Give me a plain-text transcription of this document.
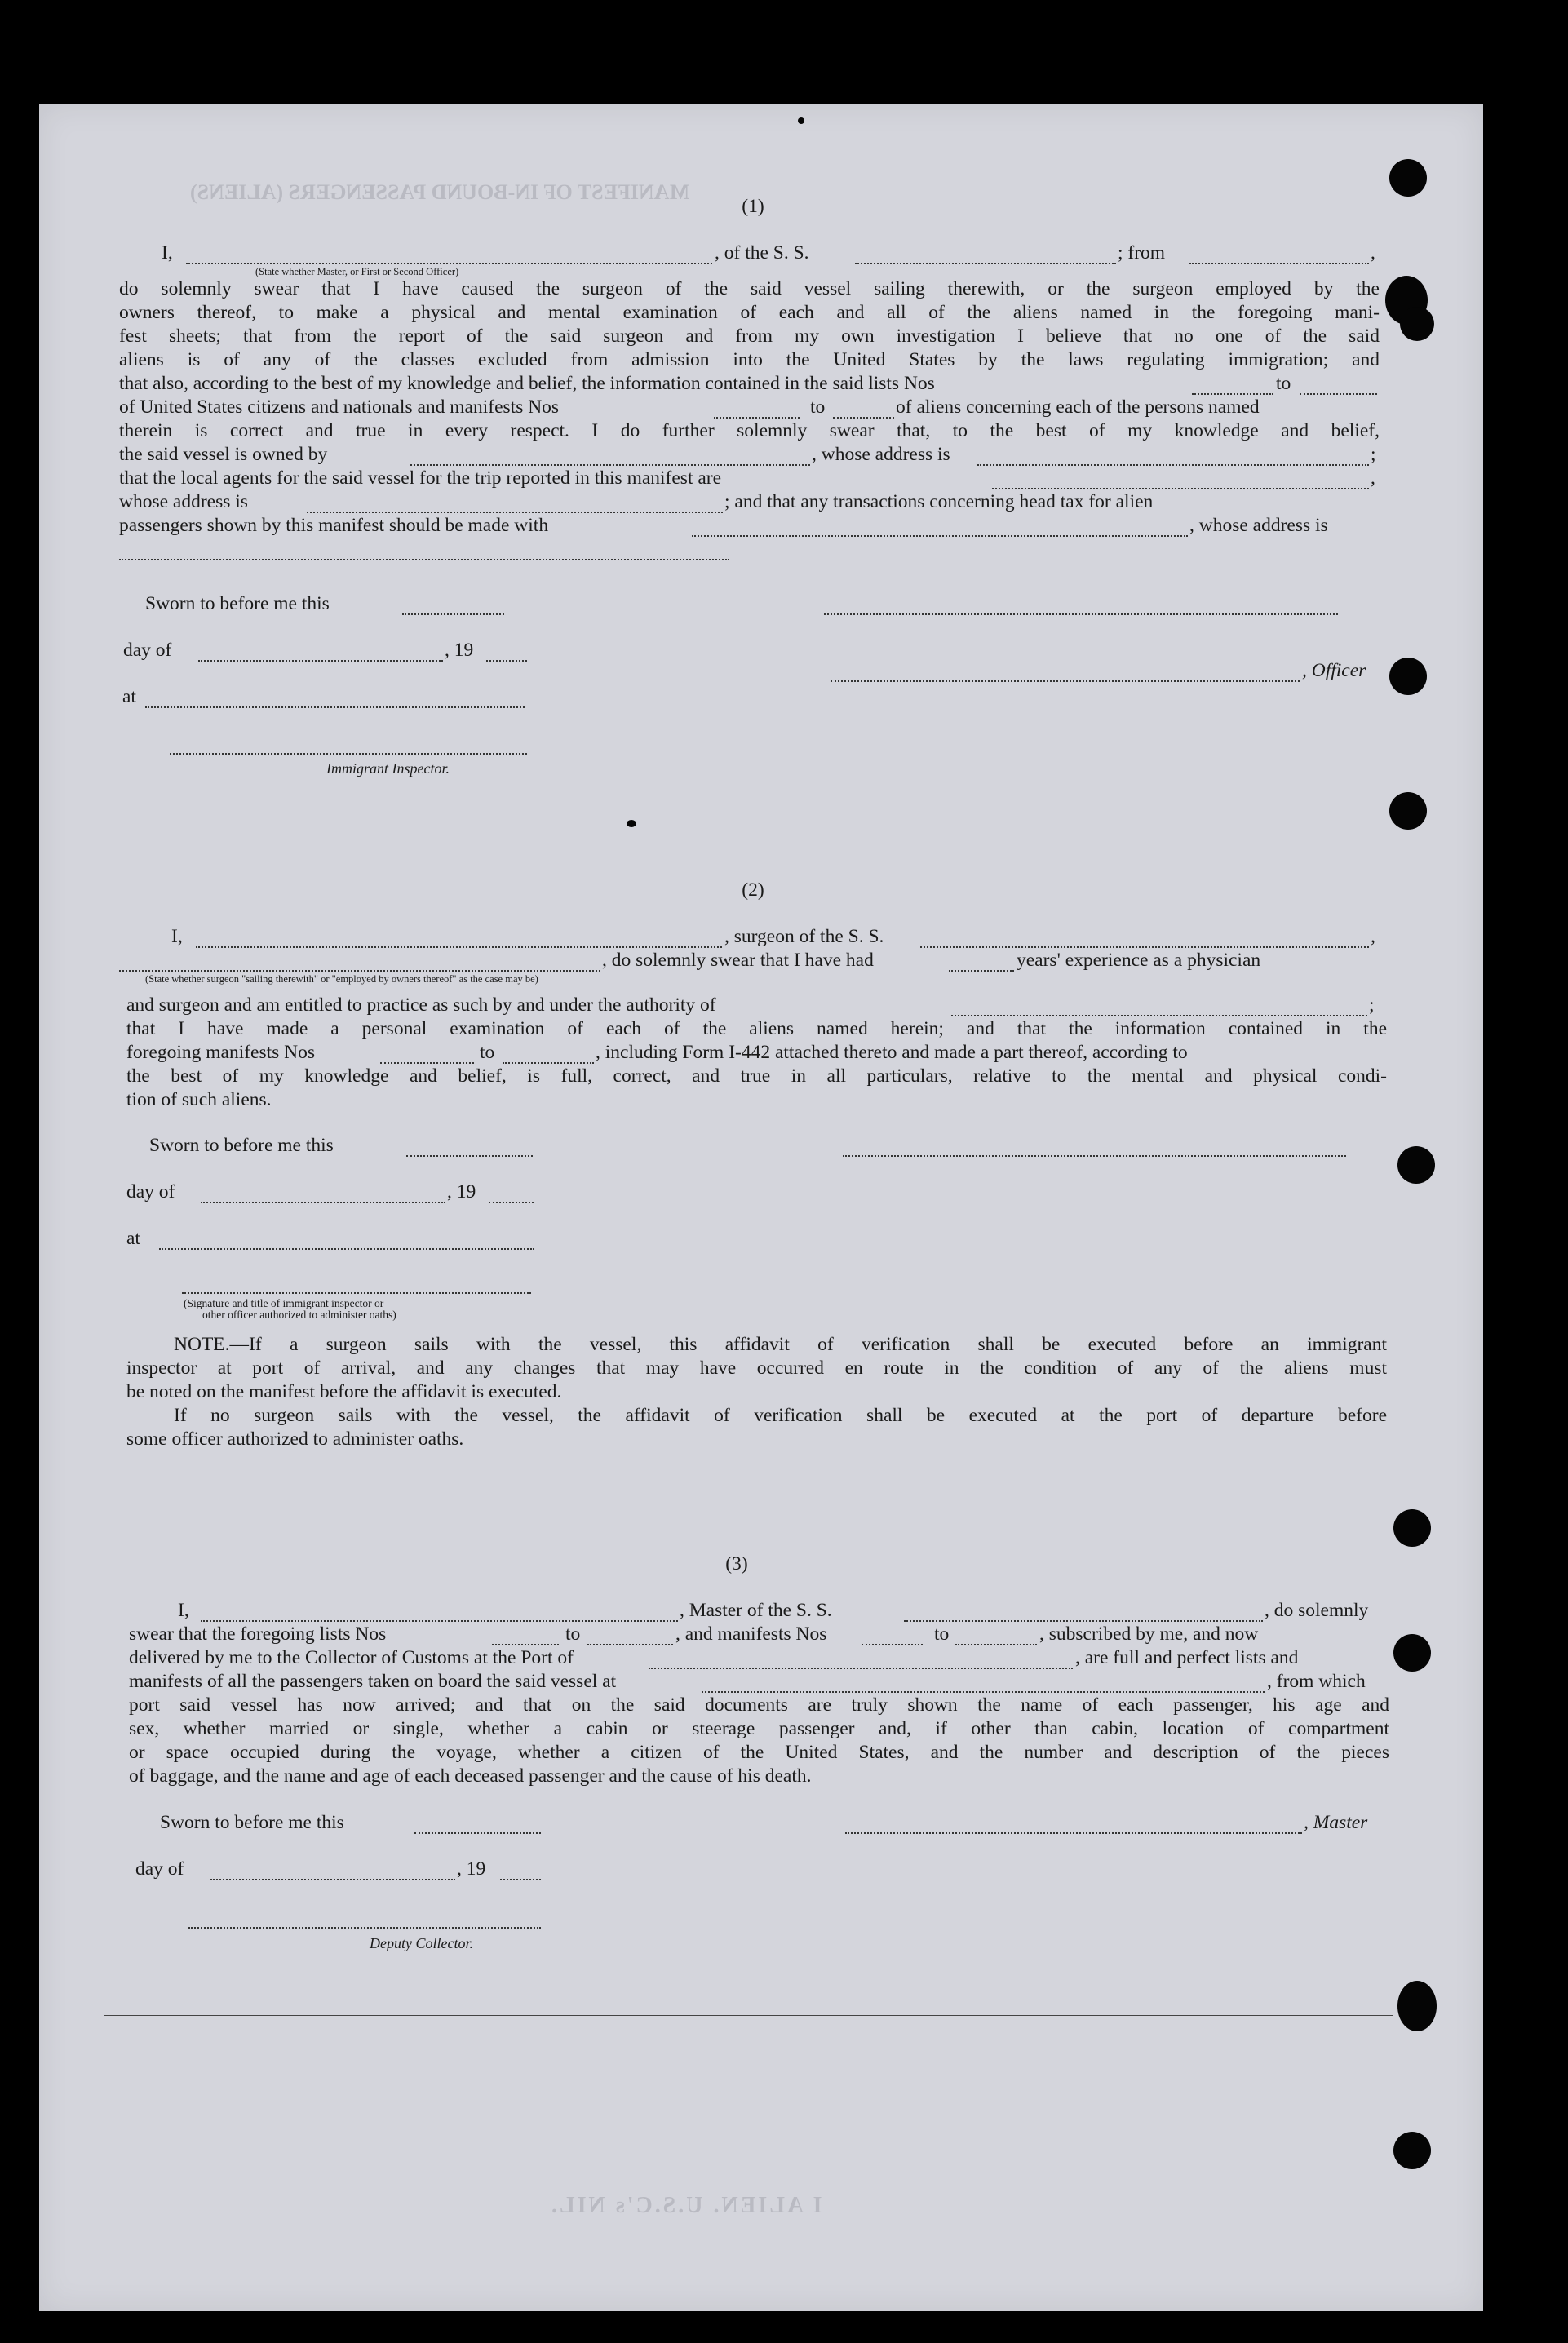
MANIFEST OF IN-BOUND PASSENGERS (ALIENS)
I ALIEN. U.S.C's NIL.
(1)
I,	, of the S. S.	; from	,
(State whether Master, or First or Second Officer)
do solemnly swear that I have caused the surgeon of the said vessel sailing therewith, or the surgeon employed by the
owners thereof, to make a physical and mental examination of each and all of the aliens named in the foregoing mani-
fest sheets; that from the report of the said surgeon and from my own investigation I believe that no one of the said
aliens is of any of the classes excluded from admission into the United States by the laws regulating immigration; and
that also, according to the best of my knowledge and belief, the information contained in the said lists Nos	to
of United States citizens and nationals and manifests Nos	to	of aliens concerning each of the persons named
therein is correct and true in every respect. I do further solemnly swear that, to the best of my knowledge and belief,
the said vessel is owned by	, whose address is	;
that the local agents for the said vessel for the trip reported in this manifest are	,
whose address is	; and that any transactions concerning head tax for alien
passengers shown by this manifest should be made with	, whose address is
Sworn to before me this
day of	, 19
, Officer
at
Immigrant Inspector.
(2)
I,	, surgeon of the S. S.	,
, do solemnly swear that I have had	years' experience as a physician
(State whether surgeon "sailing therewith" or "employed by owners thereof" as the case may be)
and surgeon and am entitled to practice as such by and under the authority of	;
that I have made a personal examination of each of the aliens named herein; and that the information contained in the
foregoing manifests Nos	to	, including Form I-442 attached thereto and made a part thereof, according to
the best of my knowledge and belief, is full, correct, and true in all particulars, relative to the mental and physical condi-
tion of such aliens.
Sworn to before me this
day of	, 19
at
(Signature and title of immigrant inspector or
other officer authorized to administer oaths)
NOTE.—If a surgeon sails with the vessel, this affidavit of verification shall be executed before an immigrant
inspector at port of arrival, and any changes that may have occurred en route in the condition of any of the aliens must
be noted on the manifest before the affidavit is executed.
If no surgeon sails with the vessel, the affidavit of verification shall be executed at the port of departure before
some officer authorized to administer oaths.
(3)
I,	, Master of the S. S.	, do solemnly
swear that the foregoing lists Nos	to	, and manifests Nos	to	, subscribed by me, and now
delivered by me to the Collector of Customs at the Port of	, are full and perfect lists and
manifests of all the passengers taken on board the said vessel at	, from which
port said vessel has now arrived; and that on the said documents are truly shown the name of each passenger, his age and
sex, whether married or single, whether a cabin or steerage passenger and, if other than cabin, location of compartment
or space occupied during the voyage, whether a citizen of the United States, and the number and description of the pieces
of baggage, and the name and age of each deceased passenger and the cause of his death.
Sworn to before me this	, Master
day of	, 19
Deputy Collector.
